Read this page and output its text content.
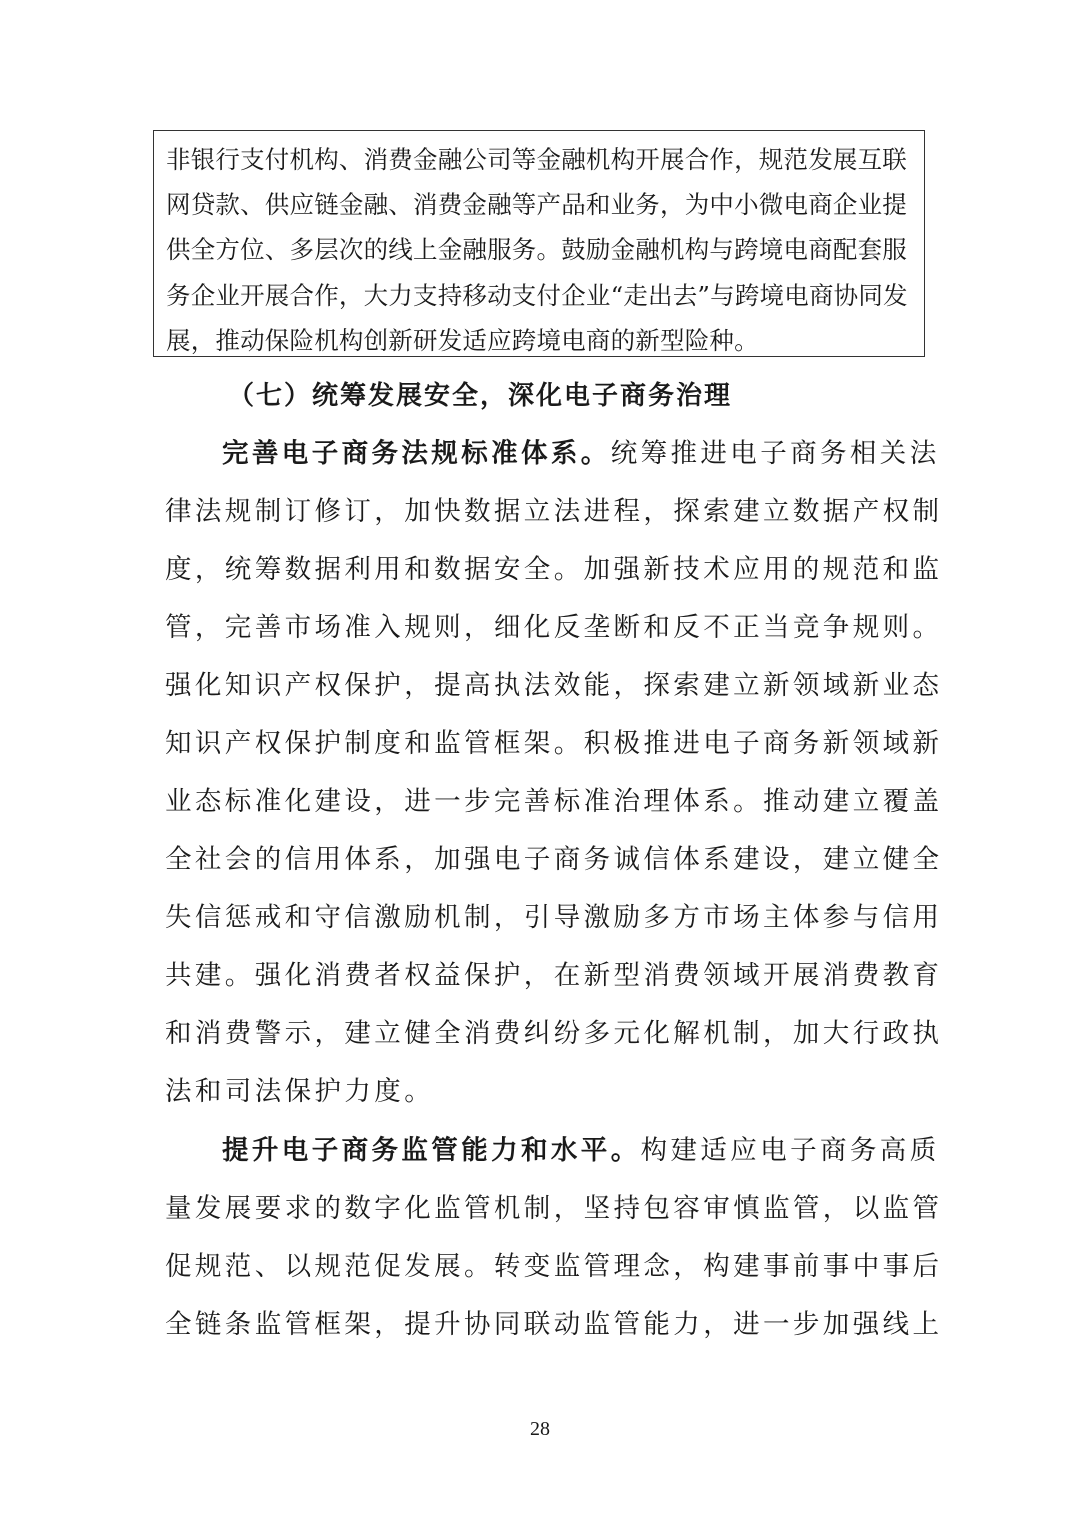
非银行支付机构、消费金融公司等金融机构开展合作，规范发展互联
网贷款、供应链金融、消费金融等产品和业务，为中小微电商企业提
供全方位、多层次的线上金融服务。鼓励金融机构与跨境电商配套服
务企业开展合作，大力支持移动支付企业“走出去”与跨境电商协同发
展，推动保险机构创新研发适应跨境电商的新型险种。
（七）统筹发展安全，深化电子商务治理
完善电子商务法规标准体系。统筹推进电子商务相关法
律法规制订修订，加快数据立法进程，探索建立数据产权制
度，统筹数据利用和数据安全。加强新技术应用的规范和监
管，完善市场准入规则，细化反垄断和反不正当竞争规则。
强化知识产权保护，提高执法效能，探索建立新领域新业态
知识产权保护制度和监管框架。积极推进电子商务新领域新
业态标准化建设，进一步完善标准治理体系。推动建立覆盖
全社会的信用体系，加强电子商务诚信体系建设，建立健全
失信惩戒和守信激励机制，引导激励多方市场主体参与信用
共建。强化消费者权益保护，在新型消费领域开展消费教育
和消费警示，建立健全消费纠纷多元化解机制，加大行政执
法和司法保护力度。
提升电子商务监管能力和水平。构建适应电子商务高质
量发展要求的数字化监管机制，坚持包容审慎监管，以监管
促规范、以规范促发展。转变监管理念，构建事前事中事后
全链条监管框架，提升协同联动监管能力，进一步加强线上
28
